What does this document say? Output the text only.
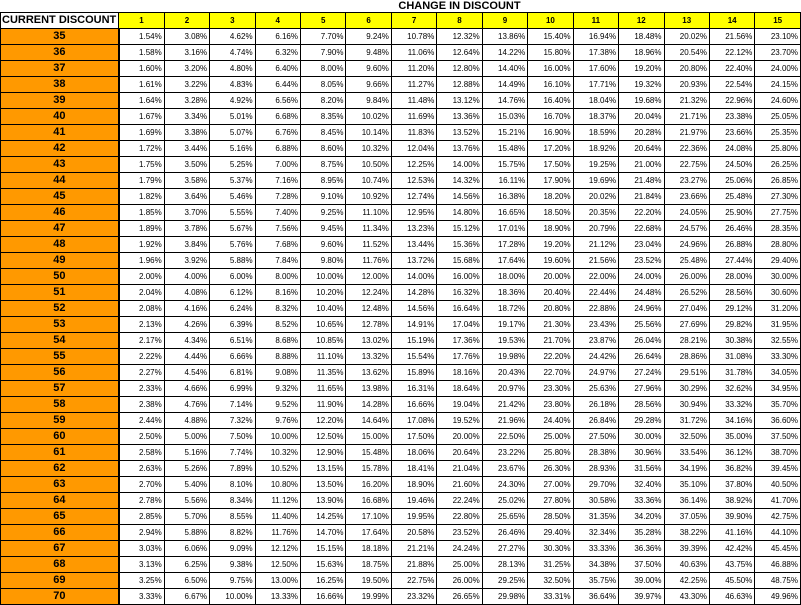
CHANGE IN DISCOUNT
CURRENT DISCOUNT	1	2	3	4	5	6	7	8	9	10	11	12	13	14	15
35	1.54%	3.08%	4.62%	6.16%	7.70%	9.24%	10.78%	12.32%	13.86%	15.40%	16.94%	18.48%	20.02%	21.56%	23.10%
36	1.58%	3.16%	4.74%	6.32%	7.90%	9.48%	11.06%	12.64%	14.22%	15.80%	17.38%	18.96%	20.54%	22.12%	23.70%
37	1.60%	3.20%	4.80%	6.40%	8.00%	9.60%	11.20%	12.80%	14.40%	16.00%	17.60%	19.20%	20.80%	22.40%	24.00%
38	1.61%	3.22%	4.83%	6.44%	8.05%	9.66%	11.27%	12.88%	14.49%	16.10%	17.71%	19.32%	20.93%	22.54%	24.15%
39	1.64%	3.28%	4.92%	6.56%	8.20%	9.84%	11.48%	13.12%	14.76%	16.40%	18.04%	19.68%	21.32%	22.96%	24.60%
40	1.67%	3.34%	5.01%	6.68%	8.35%	10.02%	11.69%	13.36%	15.03%	16.70%	18.37%	20.04%	21.71%	23.38%	25.05%
41	1.69%	3.38%	5.07%	6.76%	8.45%	10.14%	11.83%	13.52%	15.21%	16.90%	18.59%	20.28%	21.97%	23.66%	25.35%
42	1.72%	3.44%	5.16%	6.88%	8.60%	10.32%	12.04%	13.76%	15.48%	17.20%	18.92%	20.64%	22.36%	24.08%	25.80%
43	1.75%	3.50%	5.25%	7.00%	8.75%	10.50%	12.25%	14.00%	15.75%	17.50%	19.25%	21.00%	22.75%	24.50%	26.25%
44	1.79%	3.58%	5.37%	7.16%	8.95%	10.74%	12.53%	14.32%	16.11%	17.90%	19.69%	21.48%	23.27%	25.06%	26.85%
45	1.82%	3.64%	5.46%	7.28%	9.10%	10.92%	12.74%	14.56%	16.38%	18.20%	20.02%	21.84%	23.66%	25.48%	27.30%
46	1.85%	3.70%	5.55%	7.40%	9.25%	11.10%	12.95%	14.80%	16.65%	18.50%	20.35%	22.20%	24.05%	25.90%	27.75%
47	1.89%	3.78%	5.67%	7.56%	9.45%	11.34%	13.23%	15.12%	17.01%	18.90%	20.79%	22.68%	24.57%	26.46%	28.35%
48	1.92%	3.84%	5.76%	7.68%	9.60%	11.52%	13.44%	15.36%	17.28%	19.20%	21.12%	23.04%	24.96%	26.88%	28.80%
49	1.96%	3.92%	5.88%	7.84%	9.80%	11.76%	13.72%	15.68%	17.64%	19.60%	21.56%	23.52%	25.48%	27.44%	29.40%
50	2.00%	4.00%	6.00%	8.00%	10.00%	12.00%	14.00%	16.00%	18.00%	20.00%	22.00%	24.00%	26.00%	28.00%	30.00%
51	2.04%	4.08%	6.12%	8.16%	10.20%	12.24%	14.28%	16.32%	18.36%	20.40%	22.44%	24.48%	26.52%	28.56%	30.60%
52	2.08%	4.16%	6.24%	8.32%	10.40%	12.48%	14.56%	16.64%	18.72%	20.80%	22.88%	24.96%	27.04%	29.12%	31.20%
53	2.13%	4.26%	6.39%	8.52%	10.65%	12.78%	14.91%	17.04%	19.17%	21.30%	23.43%	25.56%	27.69%	29.82%	31.95%
54	2.17%	4.34%	6.51%	8.68%	10.85%	13.02%	15.19%	17.36%	19.53%	21.70%	23.87%	26.04%	28.21%	30.38%	32.55%
55	2.22%	4.44%	6.66%	8.88%	11.10%	13.32%	15.54%	17.76%	19.98%	22.20%	24.42%	26.64%	28.86%	31.08%	33.30%
56	2.27%	4.54%	6.81%	9.08%	11.35%	13.62%	15.89%	18.16%	20.43%	22.70%	24.97%	27.24%	29.51%	31.78%	34.05%
57	2.33%	4.66%	6.99%	9.32%	11.65%	13.98%	16.31%	18.64%	20.97%	23.30%	25.63%	27.96%	30.29%	32.62%	34.95%
58	2.38%	4.76%	7.14%	9.52%	11.90%	14.28%	16.66%	19.04%	21.42%	23.80%	26.18%	28.56%	30.94%	33.32%	35.70%
59	2.44%	4.88%	7.32%	9.76%	12.20%	14.64%	17.08%	19.52%	21.96%	24.40%	26.84%	29.28%	31.72%	34.16%	36.60%
60	2.50%	5.00%	7.50%	10.00%	12.50%	15.00%	17.50%	20.00%	22.50%	25.00%	27.50%	30.00%	32.50%	35.00%	37.50%
61	2.58%	5.16%	7.74%	10.32%	12.90%	15.48%	18.06%	20.64%	23.22%	25.80%	28.38%	30.96%	33.54%	36.12%	38.70%
62	2.63%	5.26%	7.89%	10.52%	13.15%	15.78%	18.41%	21.04%	23.67%	26.30%	28.93%	31.56%	34.19%	36.82%	39.45%
63	2.70%	5.40%	8.10%	10.80%	13.50%	16.20%	18.90%	21.60%	24.30%	27.00%	29.70%	32.40%	35.10%	37.80%	40.50%
64	2.78%	5.56%	8.34%	11.12%	13.90%	16.68%	19.46%	22.24%	25.02%	27.80%	30.58%	33.36%	36.14%	38.92%	41.70%
65	2.85%	5.70%	8.55%	11.40%	14.25%	17.10%	19.95%	22.80%	25.65%	28.50%	31.35%	34.20%	37.05%	39.90%	42.75%
66	2.94%	5.88%	8.82%	11.76%	14.70%	17.64%	20.58%	23.52%	26.46%	29.40%	32.34%	35.28%	38.22%	41.16%	44.10%
67	3.03%	6.06%	9.09%	12.12%	15.15%	18.18%	21.21%	24.24%	27.27%	30.30%	33.33%	36.36%	39.39%	42.42%	45.45%
68	3.13%	6.25%	9.38%	12.50%	15.63%	18.75%	21.88%	25.00%	28.13%	31.25%	34.38%	37.50%	40.63%	43.75%	46.88%
69	3.25%	6.50%	9.75%	13.00%	16.25%	19.50%	22.75%	26.00%	29.25%	32.50%	35.75%	39.00%	42.25%	45.50%	48.75%
70	3.33%	6.67%	10.00%	13.33%	16.66%	19.99%	23.32%	26.65%	29.98%	33.31%	36.64%	39.97%	43.30%	46.63%	49.96%
